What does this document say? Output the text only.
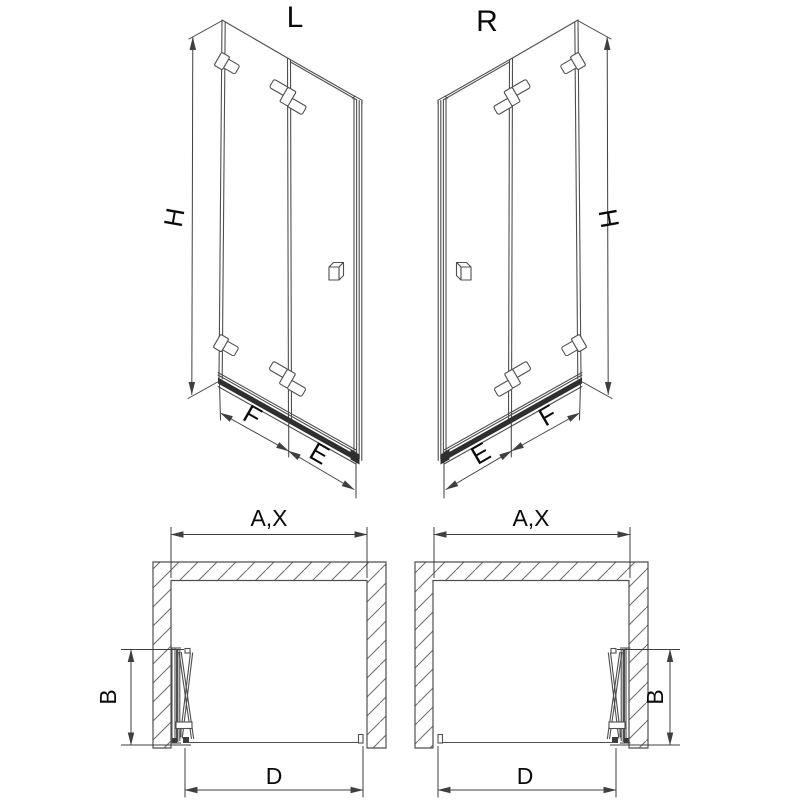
L
H
F
E
R
H
E
F
A,X
B
D
A,X
B
D
